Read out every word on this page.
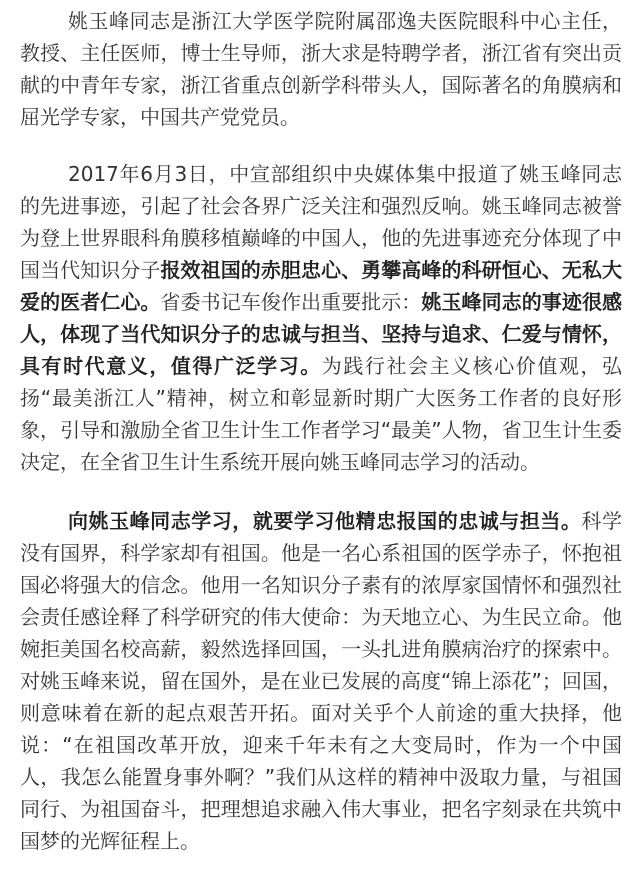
姚玉峰同志是浙江大学医学院附属邵逸夫医院眼科中心主任，教授、主任医师，博士生导师，浙大求是特聘学者，浙江省有突出贡献的中青年专家，浙江省重点创新学科带头人，国际著名的角膜病和屈光学专家，中国共产党党员。

2017年6月3日，中宣部组织中央媒体集中报道了姚玉峰同志的先进事迹，引起了社会各界广泛关注和强烈反响。姚玉峰同志被誉为登上世界眼科角膜移植巅峰的中国人，他的先进事迹充分体现了中国当代知识分子报效祖国的赤胆忠心、勇攀高峰的科研恒心、无私大爱的医者仁心。省委书记车俊作出重要批示：姚玉峰同志的事迹很感人，体现了当代知识分子的忠诚与担当、坚持与追求、仁爱与情怀，具有时代意义，值得广泛学习。为践行社会主义核心价值观，弘扬“最美浙江人”精神，树立和彰显新时期广大医务工作者的良好形象，引导和激励全省卫生计生工作者学习“最美”人物，省卫生计生委决定，在全省卫生计生系统开展向姚玉峰同志学习的活动。

向姚玉峰同志学习，就要学习他精忠报国的忠诚与担当。科学没有国界，科学家却有祖国。他是一名心系祖国的医学赤子，怀抱祖国必将强大的信念。他用一名知识分子素有的浓厚家国情怀和强烈社会责任感诠释了科学研究的伟大使命：为天地立心、为生民立命。他婉拒美国名校高薪，毅然选择回国，一头扎进角膜病治疗的探索中。对姚玉峰来说，留在国外，是在业已发展的高度“锦上添花”；回国，则意味着在新的起点艰苦开拓。面对关乎个人前途的重大抉择，他说：“在祖国改革开放，迎来千年未有之大变局时，作为一个中国人，我怎么能置身事外啊？”我们从这样的精神中汲取力量，与祖国同行、为祖国奋斗，把理想追求融入伟大事业，把名字刻录在共筑中国梦的光辉征程上。
